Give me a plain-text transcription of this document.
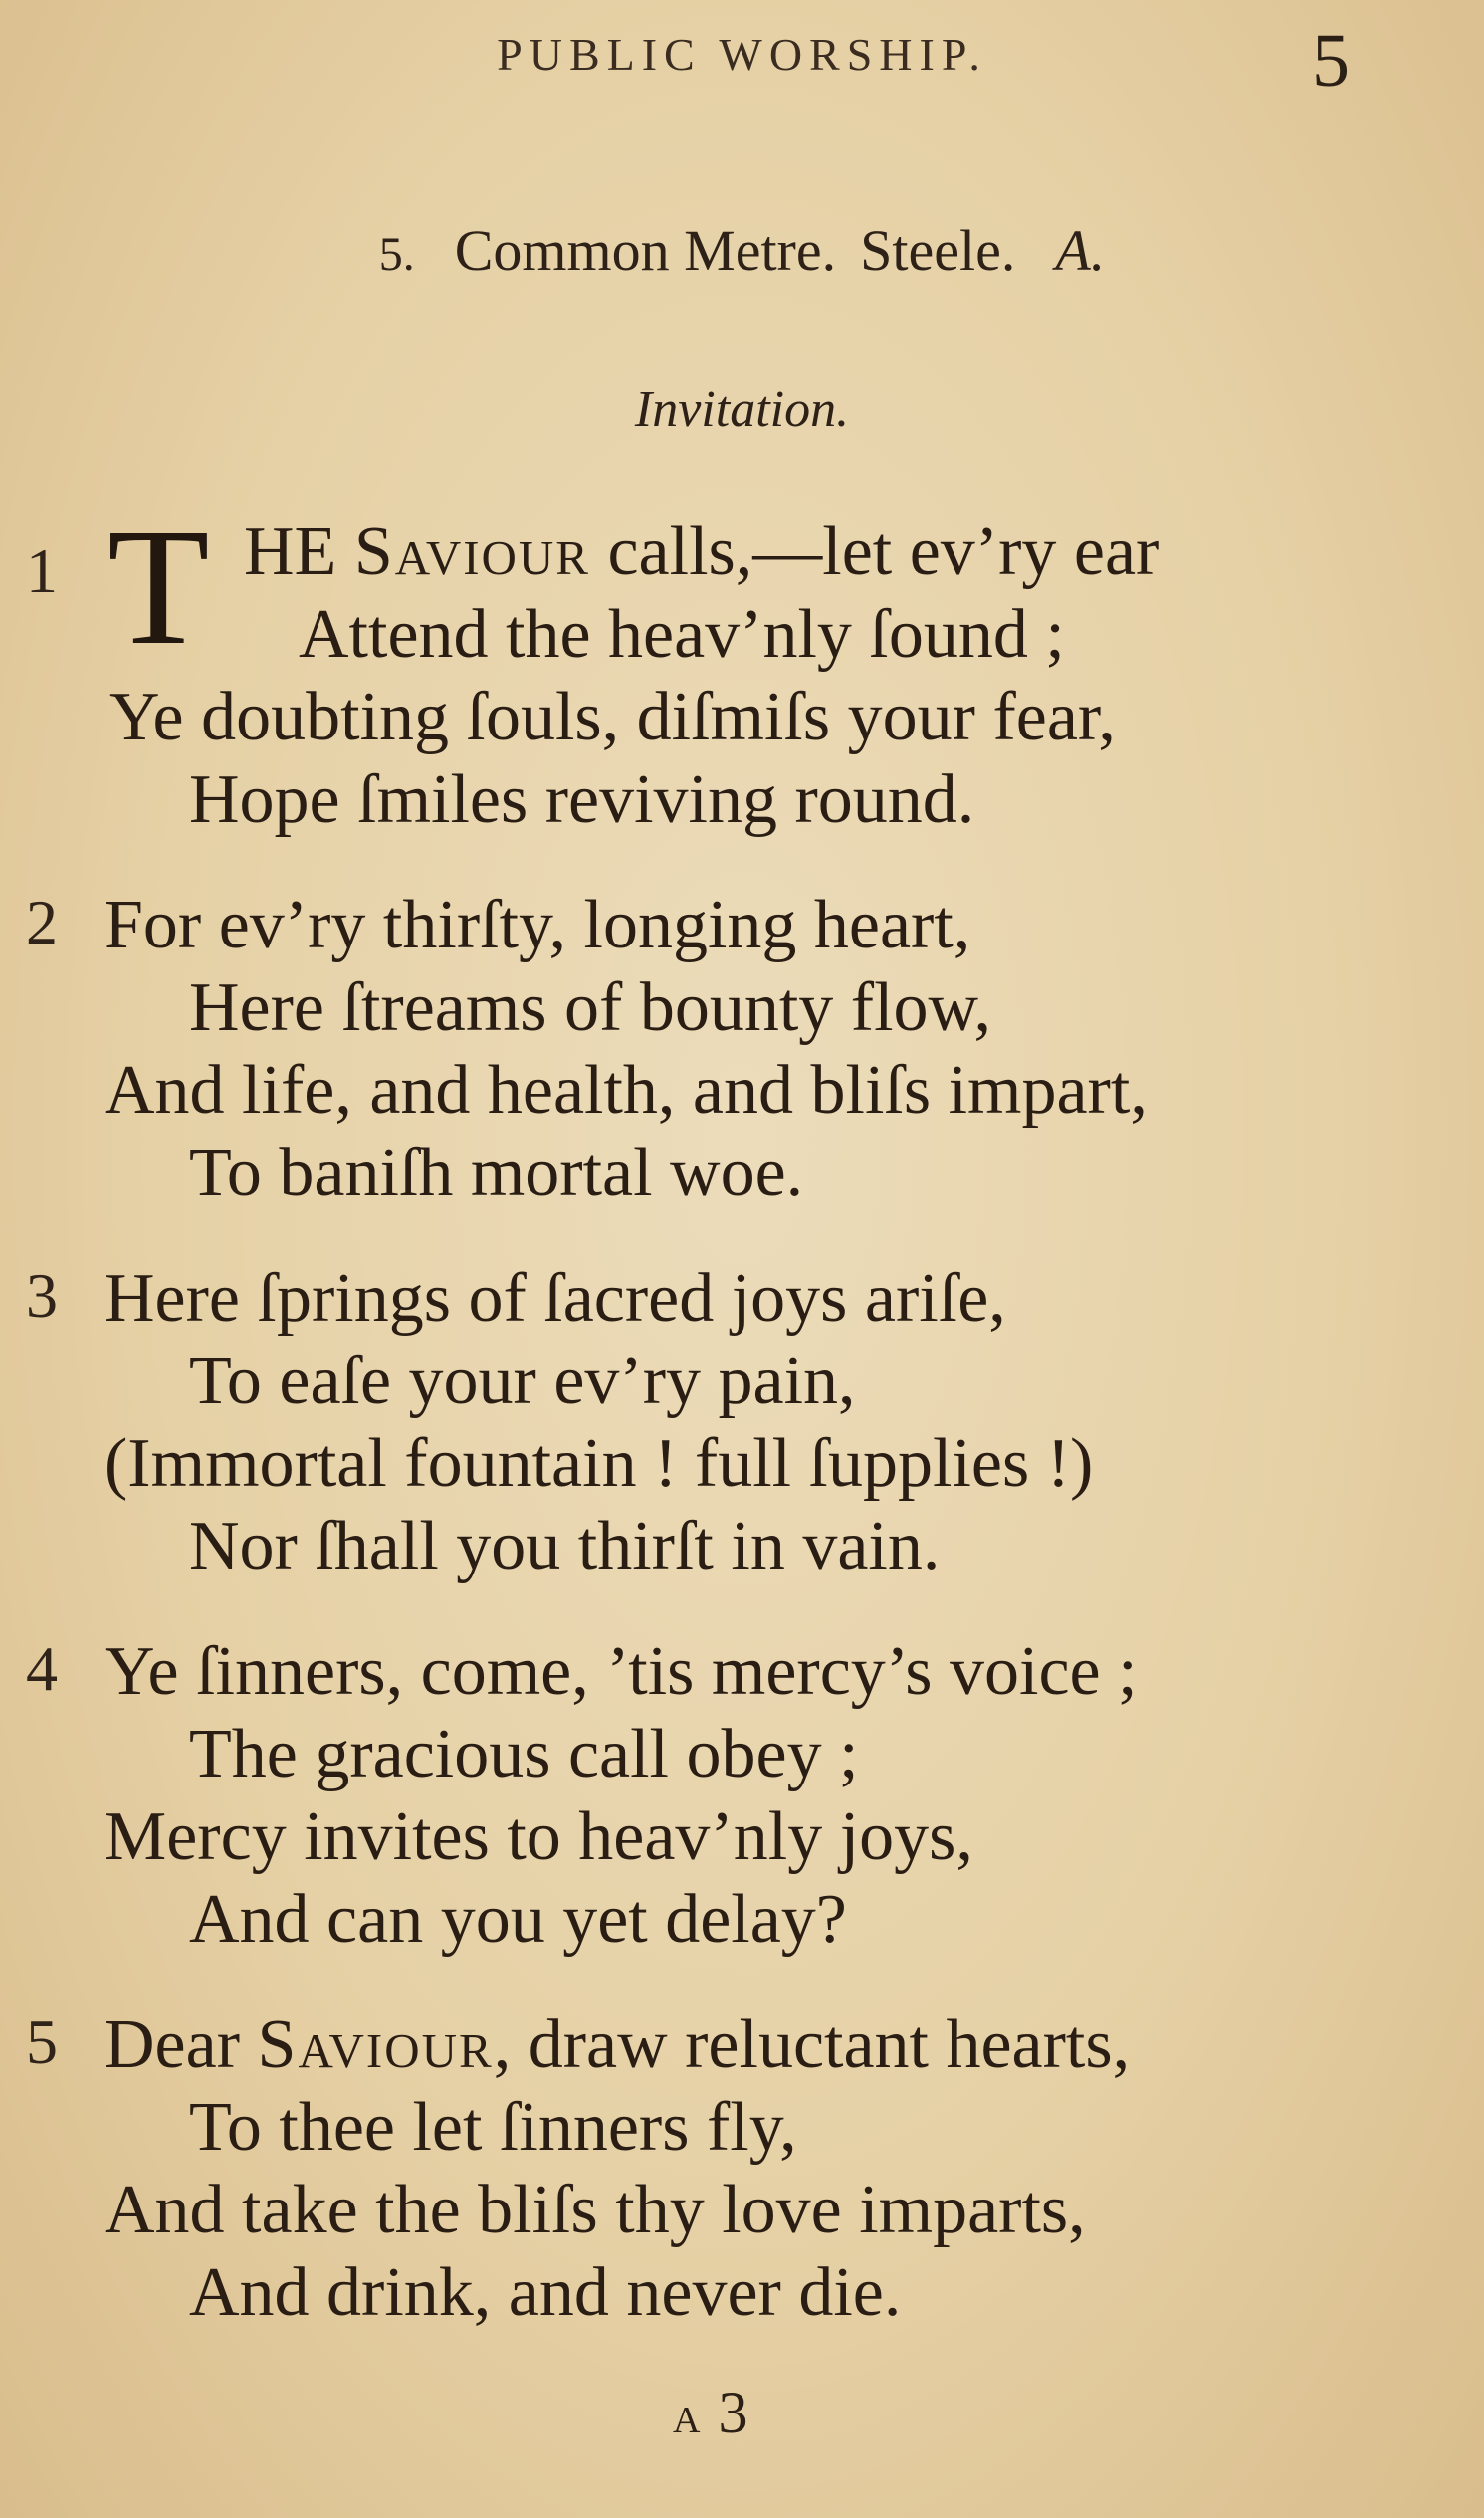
PUBLIC WORSHIP.	5
5. Common Metre. Steele. A.
Invitation.
1 T HE Saviour calls,—let ev’ry ear
Attend the heav’nly ſound ;
Ye doubting ſouls, diſmiſs your fear,
Hope ſmiles reviving round.
2 For ev’ry thirſty, longing heart,
Here ſtreams of bounty flow,
And life, and health, and bliſs impart,
To baniſh mortal woe.
3 Here ſprings of ſacred joys ariſe,
To eaſe your ev’ry pain,
(Immortal fountain ! full ſupplies !)
Nor ſhall you thirſt in vain.
4 Ye ſinners, come, ’tis mercy’s voice ;
The gracious call obey ;
Mercy invites to heav’nly joys,
And can you yet delay?
5 Dear Saviour, draw reluctant hearts,
To thee let ſinners fly,
And take the bliſs thy love imparts,
And drink, and never die.
A 3
